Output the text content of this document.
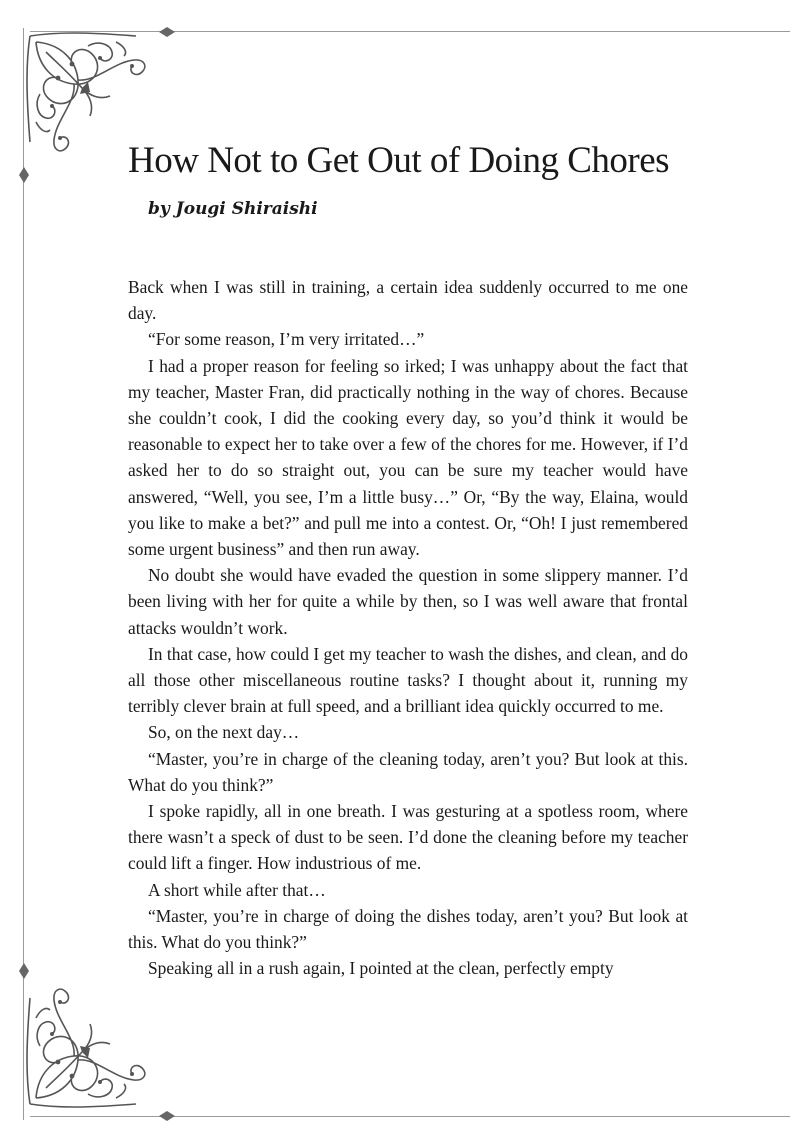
How Not to Get Out of Doing Chores
by Jougi Shiraishi

Back when I was still in training, a certain idea suddenly occurred to me one day.

“For some reason, I’m very irritated…”

I had a proper reason for feeling so irked; I was unhappy about the fact that my teacher, Master Fran, did practically nothing in the way of chores. Because she couldn’t cook, I did the cooking every day, so you’d think it would be reasonable to expect her to take over a few of the chores for me. However, if I’d asked her to do so straight out, you can be sure my teacher would have answered, “Well, you see, I’m a little busy…” Or, “By the way, Elaina, would you like to make a bet?” and pull me into a contest. Or, “Oh! I just remembered some urgent business” and then run away.

No doubt she would have evaded the question in some slippery manner. I’d been living with her for quite a while by then, so I was well aware that frontal attacks wouldn’t work.

In that case, how could I get my teacher to wash the dishes, and clean, and do all those other miscellaneous routine tasks? I thought about it, running my terribly clever brain at full speed, and a brilliant idea quickly occurred to me.

So, on the next day…

“Master, you’re in charge of the cleaning today, aren’t you? But look at this. What do you think?”

I spoke rapidly, all in one breath. I was gesturing at a spotless room, where there wasn’t a speck of dust to be seen. I’d done the cleaning before my teacher could lift a finger. How industrious of me.

A short while after that…

“Master, you’re in charge of doing the dishes today, aren’t you? But look at this. What do you think?”

Speaking all in a rush again, I pointed at the clean, perfectly empty
